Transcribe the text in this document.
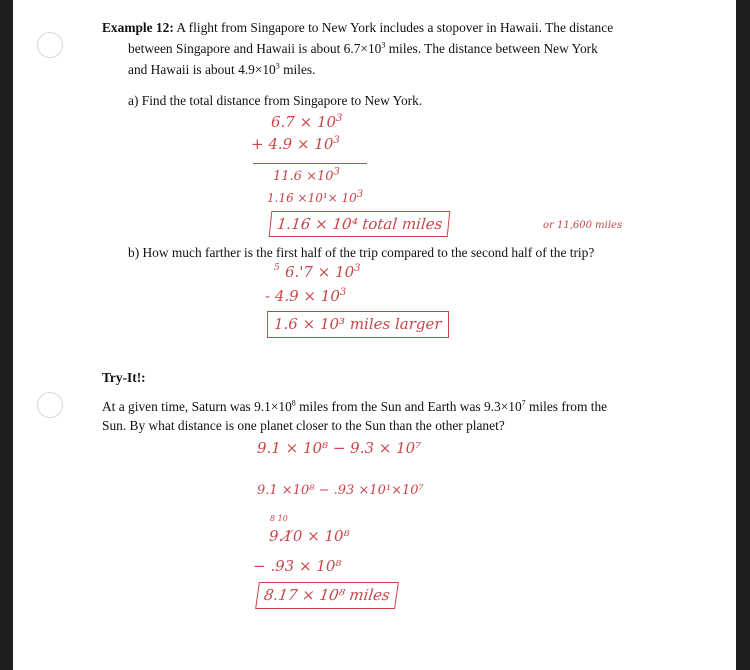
Example 12: A flight from Singapore to New York includes a stopover in Hawaii. The distance
between Singapore and Hawaii is about $6.7\times 10^3$ miles. The distance between New York
and Hawaii is about $4.9\times 10^3$ miles.
a) Find the total distance from Singapore to New York.
$6.7 \times 10^3$
+ $4.9 \times 10^3$
$11.6 \times 10^3$
$1.16 \times 10^1\times 10^3$
1.16 × 10⁴ total miles	or 11,600 miles
b) How much farther is the first half of the trip compared to the second half of the trip?
5 $6.'7 \times 10^3$
- $4.9 \times 10^3$
1.6 × 10³ miles larger
Try-It!:
At a given time, Saturn was $9.1\times 10^8$ miles from the Sun and Earth was $9.3\times 10^7$ miles from the
Sun. By what distance is one planet closer to the Sun than the other planet?
9.1 × 10⁸ − 9.3 × 10⁷
9.1 ×10⁸ − .93 ×10¹×10⁷
8 10
9.1̸0 × 10⁸
− .93 × 10⁸
8.17 × 10⁸ miles
